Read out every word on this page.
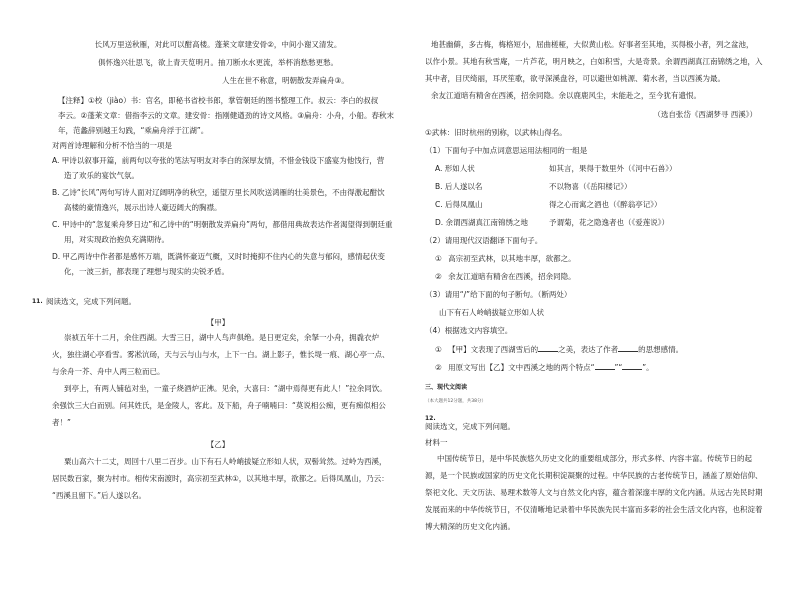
长风万里送秋雁，对此可以酣高楼。蓬莱文章建安骨②，中间小谢又清发。
俱怀逸兴壮思飞，欲上青天览明月。抽刀断水水更流，举杯消愁愁更愁。
人生在世不称意，明朝散发弄扁舟③。
【注释】①校（jiào）书：官名，即秘书省校书郎，掌管朝廷的图书整理工作。叔云：李白的叔叔
李云。②蓬莱文章：借指李云的文章。建安骨：指刚健遒劲的诗文风格。③扁舟：小舟，小船。春秋末
年，范蠡辞别越王勾践，“乘扁舟浮于江湖”。
对两首诗理解和分析不恰当的一项是
A. 甲诗以叙事开篇，前两句以夸张的笔法写明友对李白的深厚友情，不惜金钱设下盛宴为他饯行，营
造了欢乐的宴饮气氛。
B. 乙诗“长风”两句写诗人面对辽阔明净的秋空，遥望万里长风吹送鸿雁的壮美景色，不由得激起酣饮
高楼的豪情逸兴，展示出诗人豪迈阔大的胸襟。
C. 甲诗中的“忽复乘舟梦日边”和乙诗中的“明朝散发弄扁舟”两句，都借用典故表达作者渴望得到朝廷重
用，对实现政治抱负充满期待。
D. 甲乙两诗中作者都是感怀万端，既满怀豪迈气概，又时时掩抑不住内心的失意与郁闷，感情起伏变
化，一波三折，都表现了理想与现实的尖锐矛盾。
11. 阅读选文，完成下列问题。
【甲】
崇祯五年十二月，余住西湖。大雪三日，湖中人鸟声俱绝。是日更定矣，余拏一小舟，拥毳衣炉
火，独往湖心亭看雪。雾凇沆砀，天与云与山与水，上下一白。湖上影子，惟长堤一痕、湖心亭一点、
与余舟一芥、舟中人两三粒而已。
到亭上，有两人铺毡对坐，一童子烧酒炉正沸。见余，大喜曰：“湖中焉得更有此人！”拉余同饮。
余强饮三大白而别。问其姓氏，是金陵人，客此。及下船，舟子喃喃曰：“莫说相公痴，更有痴似相公
者！”
【乙】
粟山高六十二丈，周回十八里二百步。山下有石人岭峭拔疑立形如人状，双髻耸然。过岭为西溪，
居民数百家，聚为村市。相传宋南渡时，高宗初至武林①，以其地丰厚，欲都之。后得凤凰山，乃云：
“西溪且留下。”后人遂以名。
地甚幽僻，多古梅，梅格短小，屈曲槎桠，大似黄山松。好事者至其地，买得极小者，列之盆池，
以作小景。其地有秋雪庵，一片芦花，明月映之，白如积雪，大是奇景。余谓西湖真江南锦绣之地，入
其中者，目厌绮丽，耳厌笙歌，欲寻深溪盘谷，可以避世如桃源、菊水者，当以西溪为最。
余友江道暗有精舍在西溪，招余同隐。余以鹿鹿风尘，未能赴之，至今犹有遗恨。
（选自张岱《西湖梦寻 西溪》）
①武林：旧时杭州的别称，以武林山得名。
（1）下面句子中加点词意思运用法相同的一组是
A. 形如人状	如其言，果得于数里外（《河中石兽》）
B. 后人遂以名	不以物喜（《岳阳楼记》）
C. 后得凤凰山	得之心而寓之酒也（《醉翁亭记》）
D. 余谓西湖真江南锦绣之地	予谓菊，花之隐逸者也（《爱莲说》）
（2）请用现代汉语翻译下面句子。
① 高宗初至武林，以其地丰厚，欲都之。
② 余友江道暗有精舍在西溪，招余同隐。
（3）请用“/”给下面的句子断句。（断两处）
山下有石人岭峭拔疑立形如人状
（4）根据选文内容填空。
① 【甲】文表现了西湖雪后的	之美，表达了作者	的思想感情。
② 用原文写出【乙】文中西溪之地的两个特点“	”“	”。
三、现代文阅读
（本大题共12分题，共38分）
12.
阅读选文，完成下列问题。
材料一
中国传统节日，是中华民族悠久历史文化的重要组成部分，形式多样、内容丰富。传统节日的起
源，是一个民族或国家的历史文化长期积淀凝聚的过程。中华民族的古老传统节日，涵盖了原始信仰、
祭祀文化、天文历法、易理术数等人文与自然文化内容，蕴含着深邃丰厚的文化内涵。从远古先民时期
发展而来的中华传统节日，不仅清晰地记录着中华民族先民丰富而多彩的社会生活文化内容，也积淀着
博大精深的历史文化内涵。
